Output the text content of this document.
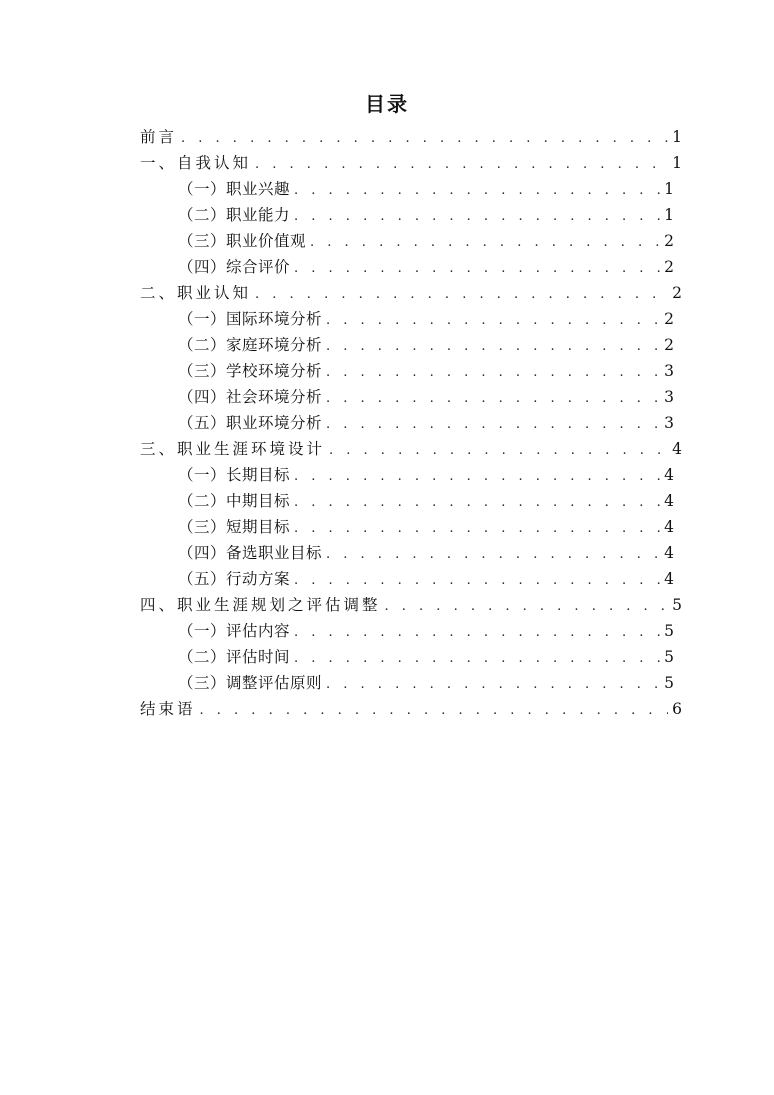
目录
前言 . . .	1
一、自我认知 . . .	1
（一）职业兴趣 . . .	1
（二）职业能力 . . .	1
（三）职业价值观 . . .	2
（四）综合评价 . . .	2
二、职业认知 . . .	2
（一）国际环境分析 . . .	2
（二）家庭环境分析 . . .	2
（三）学校环境分析 . . .	3
（四）社会环境分析 . . .	3
（五）职业环境分析 . . .	3
三、职业生涯环境设计 . . .	4
（一）长期目标 . . .	4
（二）中期目标 . . .	4
（三）短期目标 . . .	4
（四）备选职业目标 . . .	4
（五）行动方案 . . .	4
四、职业生涯规划之评估调整 . . .	5
（一）评估内容 . . .	5
（二）评估时间 . . .	5
（三）调整评估原则 . . .	5
结束语 . . .	6
